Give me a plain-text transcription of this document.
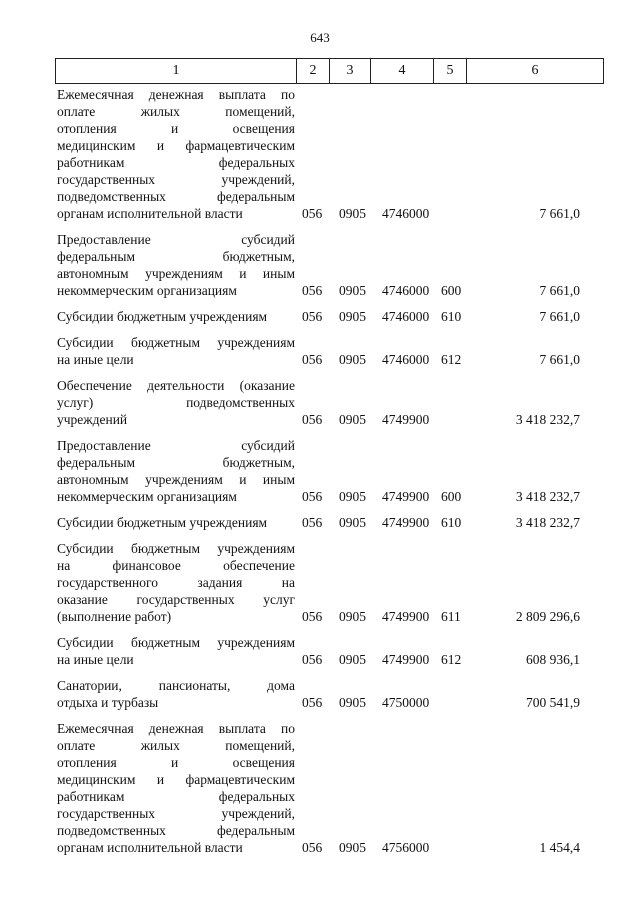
643
1	2	3	4	5	6
Ежемесячная денежная выплата по
оплате жилых помещений,
отопления и освещения
медицинским и фармацевтическим
работникам федеральных
государственных учреждений,
подведомственных федеральным
органам исполнительной власти	056 0905 4746000	7 661,0
Предоставление субсидий
федеральным бюджетным,
автономным учреждениям и иным
некоммерческим организациям	056 0905 4746000 600	7 661,0
Субсидии бюджетным учреждениям	056 0905 4746000 610	7 661,0
Субсидии бюджетным учреждениям
на иные цели	056 0905 4746000 612	7 661,0
Обеспечение деятельности (оказание
услуг) подведомственных
учреждений	056 0905 4749900	3 418 232,7
Предоставление субсидий
федеральным бюджетным,
автономным учреждениям и иным
некоммерческим организациям	056 0905 4749900 600	3 418 232,7
Субсидии бюджетным учреждениям	056 0905 4749900 610	3 418 232,7
Субсидии бюджетным учреждениям
на финансовое обеспечение
государственного задания на
оказание государственных услуг
(выполнение работ)	056 0905 4749900 611	2 809 296,6
Субсидии бюджетным учреждениям
на иные цели	056 0905 4749900 612	608 936,1
Санатории, пансионаты, дома
отдыха и турбазы	056 0905 4750000	700 541,9
Ежемесячная денежная выплата по
оплате жилых помещений,
отопления и освещения
медицинским и фармацевтическим
работникам федеральных
государственных учреждений,
подведомственных федеральным
органам исполнительной власти	056 0905 4756000	1 454,4
